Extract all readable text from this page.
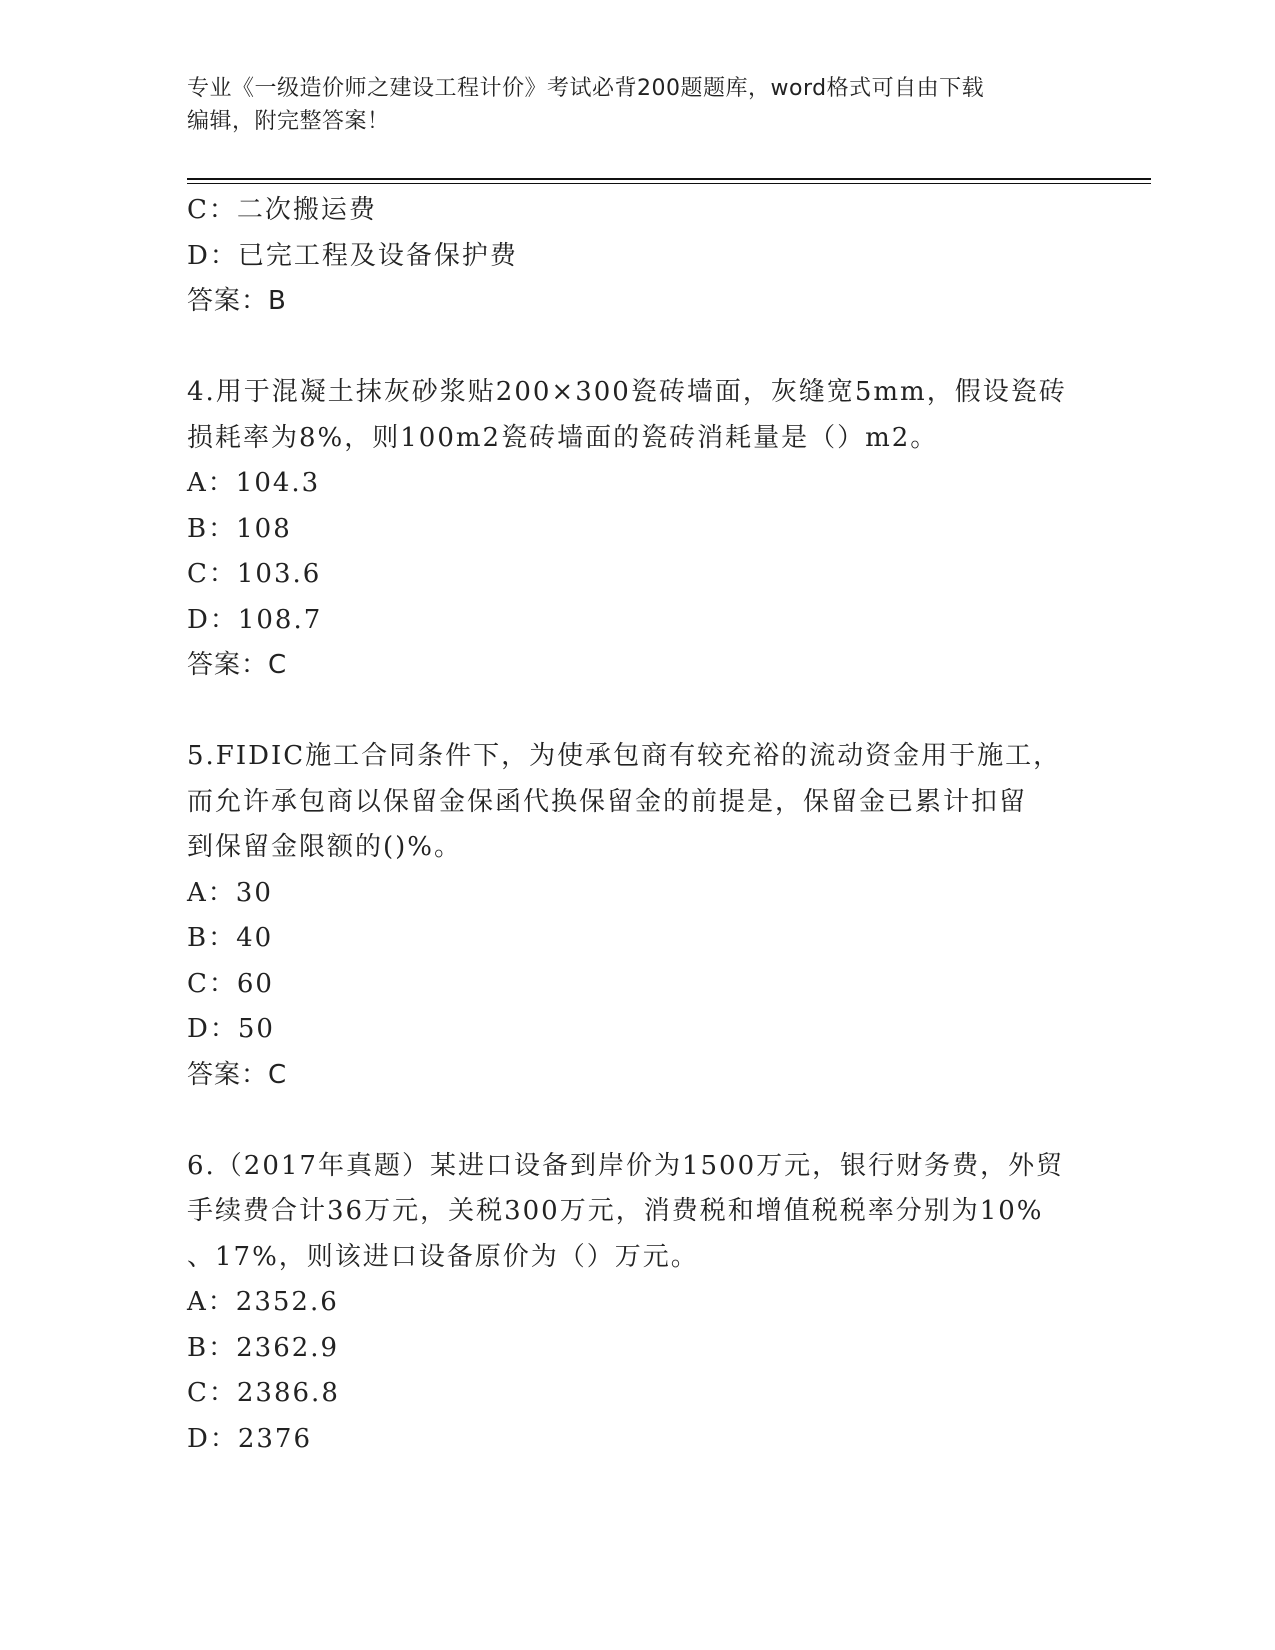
专业《一级造价师之建设工程计价》考试必背200题题库，word格式可自由下载
编辑，附完整答案！
C：二次搬运费
D：已完工程及设备保护费
答案：B
4.用于混凝土抹灰砂浆贴200×300瓷砖墙面，灰缝宽5mm，假设瓷砖
损耗率为8%，则100m2瓷砖墙面的瓷砖消耗量是（）m2。
A：104.3
B：108
C：103.6
D：108.7
答案：C
5.FIDIC施工合同条件下，为使承包商有较充裕的流动资金用于施工，
而允许承包商以保留金保函代换保留金的前提是，保留金已累计扣留
到保留金限额的()%。
A：30
B：40
C：60
D：50
答案：C
6.（2017年真题）某进口设备到岸价为1500万元，银行财务费，外贸
手续费合计36万元，关税300万元，消费税和增值税税率分别为10%
、17%，则该进口设备原价为（）万元。
A：2352.6
B：2362.9
C：2386.8
D：2376
